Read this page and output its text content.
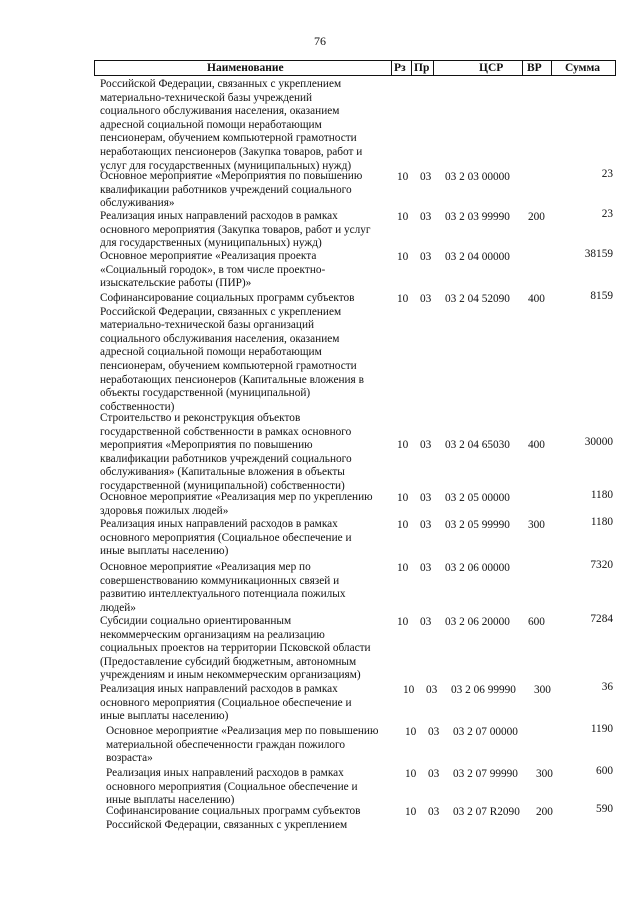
76
Наименование	Рз Пр	ЦСР ВР Сумма
Российской Федерации, связанных с укреплением
материально-технической базы учреждений
социального обслуживания населения, оказанием
адресной социальной помощи неработающим
пенсионерам, обучением компьютерной грамотности
неработающих пенсионеров (Закупка товаров, работ и
услуг для государственных (муниципальных) нужд)
Основное мероприятие «Мероприятия по повышению
квалификации работников учреждений социального
обслуживания»
10 03 03 2 03 00000	23
Реализация иных направлений расходов в рамках
основного мероприятия (Закупка товаров, работ и услуг
для государственных (муниципальных) нужд)
10 03 03 2 03 99990 200	23
Основное мероприятие «Реализация проекта
«Социальный городок», в том числе проектно-
изыскательские работы (ПИР)»
10 03 03 2 04 00000	38159
Софинансирование социальных программ субъектов
Российской Федерации, связанных с укреплением
материально-технической базы организаций
социального обслуживания населения, оказанием
адресной социальной помощи неработающим
пенсионерам, обучением компьютерной грамотности
неработающих пенсионеров (Капитальные вложения в
объекты государственной (муниципальной)
собственности)
10 03 03 2 04 52090 400	8159
Строительство и реконструкция объектов
государственной собственности в рамках основного
мероприятия «Мероприятия по повышению
квалификации работников учреждений социального
обслуживания» (Капитальные вложения в объекты
государственной (муниципальной) собственности)
10 03 03 2 04 65030 400	30000
Основное мероприятие «Реализация мер по укреплению
здоровья пожилых людей»
10 03 03 2 05 00000	1180
Реализация иных направлений расходов в рамках
основного мероприятия (Социальное обеспечение и
иные выплаты населению)
10 03 03 2 05 99990 300	1180
Основное мероприятие «Реализация мер по
совершенствованию коммуникационных связей и
развитию интеллектуального потенциала пожилых
людей»
10 03 03 2 06 00000	7320
Субсидии социально ориентированным
некоммерческим организациям на реализацию
социальных проектов на территории Псковской области
(Предоставление субсидий бюджетным, автономным
учреждениям и иным некоммерческим организациям)
10 03 03 2 06 20000 600	7284
Реализация иных направлений расходов в рамках
основного мероприятия (Социальное обеспечение и
иные выплаты населению)
10 03 03 2 06 99990 300	36
Основное мероприятие «Реализация мер по повышению
материальной обеспеченности граждан пожилого
возраста»
10 03 03 2 07 00000	1190
Реализация иных направлений расходов в рамках
основного мероприятия (Социальное обеспечение и
иные выплаты населению)
10 03 03 2 07 99990 300	600
Софинансирование социальных программ субъектов
Российской Федерации, связанных с укреплением
10 03 03 2 07 R2090 200	590
